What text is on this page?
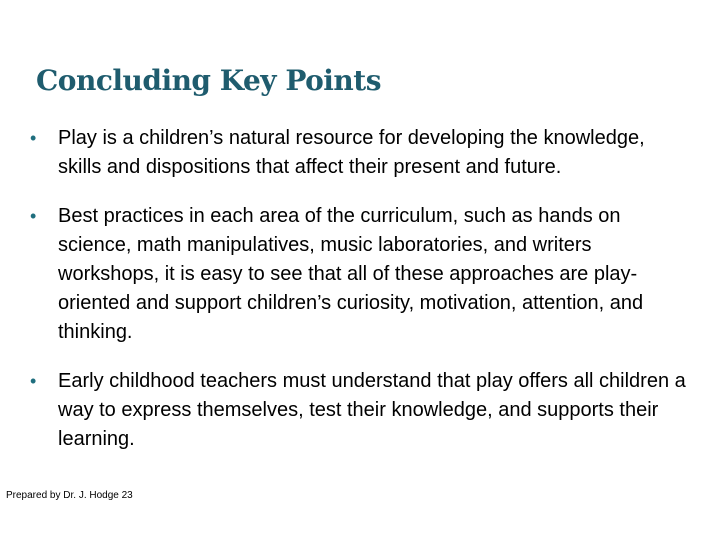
Concluding Key Points
•	Play is a children’s natural resource for developing the knowledge, skills and dispositions that affect their present and future.
•	Best practices in each area of the curriculum, such as hands on science, math manipulatives, music laboratories, and writers workshops, it is easy to see that all of these approaches are play-oriented and support children’s curiosity, motivation, attention, and thinking.
•	Early childhood teachers must understand that play offers all children a way to express themselves, test their knowledge, and supports their learning.
Prepared by Dr. J. Hodge 23
